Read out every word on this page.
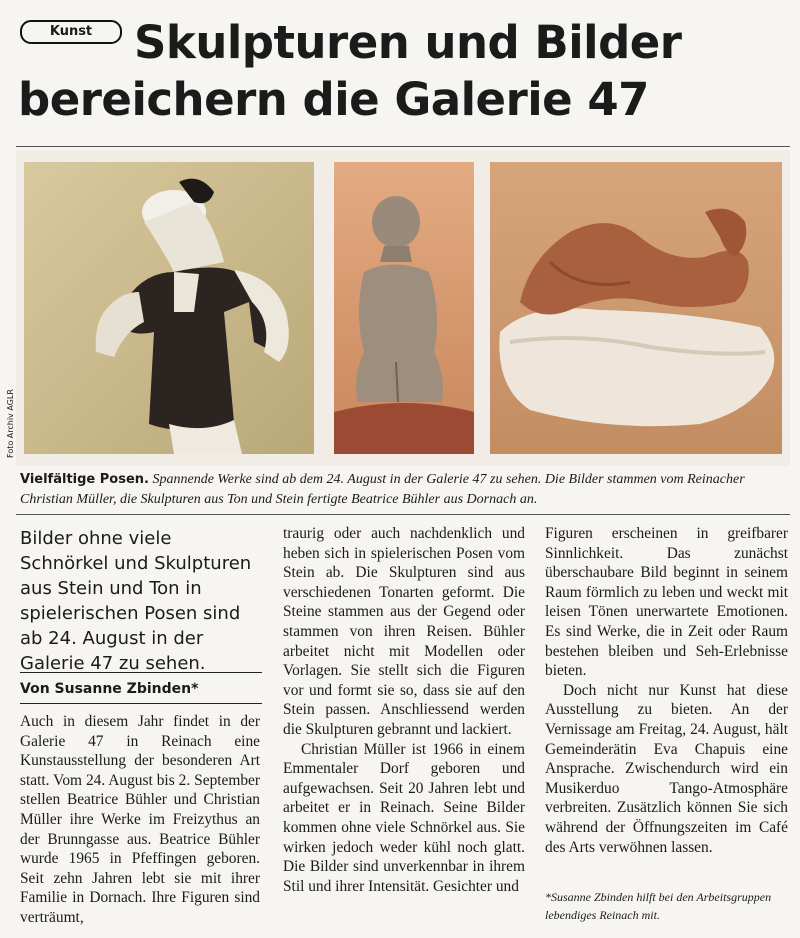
Kunst Skulpturen und Bilder
bereichern die Galerie 47
Foto Archiv AGLR
Vielfältige Posen. Spannende Werke sind ab dem 24. August in der Galerie 47 zu sehen. Die Bilder stammen vom Reinacher Christian Müller, die Skulpturen aus Ton und Stein fertigte Beatrice Bühler aus Dornach an.

Bilder ohne viele Schnörkel und Skulpturen aus Stein und Ton in spielerischen Posen sind ab 24. August in der Galerie 47 zu sehen.

Von Susanne Zbinden*

Auch in diesem Jahr findet in der Galerie 47 in Reinach eine Kunstausstellung der besonderen Art statt. Vom 24. August bis 2. September stellen Beatrice Bühler und Christian Müller ihre Werke im Freizythus an der Brunngasse aus. Beatrice Bühler wurde 1965 in Pfeffingen geboren. Seit zehn Jahren lebt sie mit ihrer Familie in Dornach. Ihre Figuren sind verträumt,

traurig oder auch nachdenklich und heben sich in spielerischen Posen vom Stein ab. Die Skulpturen sind aus verschiedenen Tonarten geformt. Die Steine stammen aus der Gegend oder stammen von ihren Reisen. Bühler arbeitet nicht mit Modellen oder Vorlagen. Sie stellt sich die Figuren vor und formt sie so, dass sie auf den Stein passen. Anschliessend werden die Skulpturen gebrannt und lackiert.

Christian Müller ist 1966 in einem Emmentaler Dorf geboren und aufgewachsen. Seit 20 Jahren lebt und arbeitet er in Reinach. Seine Bilder kommen ohne viele Schnörkel aus. Sie wirken jedoch weder kühl noch glatt. Die Bilder sind unverkennbar in ihrem Stil und ihrer Intensität. Gesichter und

Figuren erscheinen in greifbarer Sinnlichkeit. Das zunächst überschaubare Bild beginnt in seinem Raum förmlich zu leben und weckt mit leisen Tönen unerwartete Emotionen. Es sind Werke, die in Zeit oder Raum bestehen bleiben und Seh-Erlebnisse bieten.

Doch nicht nur Kunst hat diese Ausstellung zu bieten. An der Vernissage am Freitag, 24. August, hält Gemeinderätin Eva Chapuis eine Ansprache. Zwischendurch wird ein Musikerduo Tango-Atmosphäre verbreiten. Zusätzlich können Sie sich während der Öffnungszeiten im Café des Arts verwöhnen lassen.

*Susanne Zbinden hilft bei den Arbeitsgruppen lebendiges Reinach mit.
